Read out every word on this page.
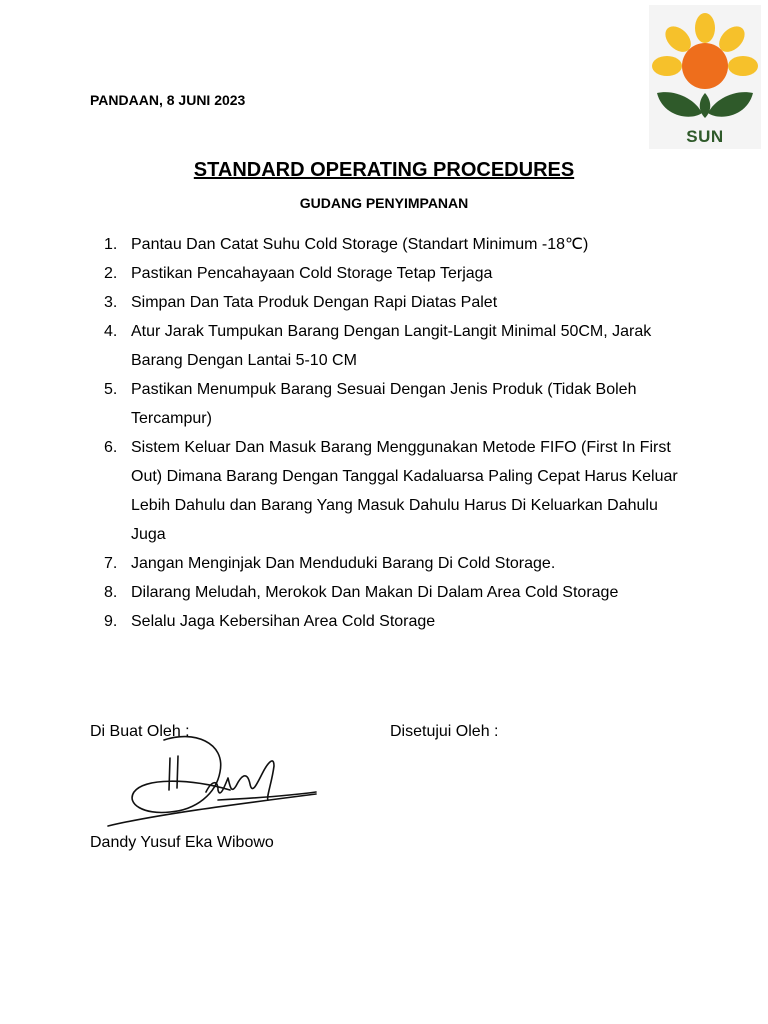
SUN
PANDAAN, 8 JUNI 2023
STANDARD OPERATING PROCEDURES
GUDANG PENYIMPANAN
1. Pantau Dan Catat Suhu Cold Storage (Standart Minimum -18℃)
2. Pastikan Pencahayaan Cold Storage Tetap Terjaga
3. Simpan Dan Tata Produk Dengan Rapi Diatas Palet
4. Atur Jarak Tumpukan Barang Dengan Langit-Langit Minimal 50CM, Jarak Barang Dengan Lantai 5-10 CM
5. Pastikan Menumpuk Barang Sesuai Dengan Jenis Produk (Tidak Boleh Tercampur)
6. Sistem Keluar Dan Masuk Barang Menggunakan Metode FIFO (First In First Out) Dimana Barang Dengan Tanggal Kadaluarsa Paling Cepat Harus Keluar Lebih Dahulu dan Barang Yang Masuk Dahulu Harus Di Keluarkan Dahulu Juga
7. Jangan Menginjak Dan Menduduki Barang Di Cold Storage.
8. Dilarang Meludah, Merokok Dan Makan Di Dalam Area Cold Storage
9. Selalu Jaga Kebersihan Area Cold Storage
Di Buat Oleh :	Disetujui Oleh :
Dandy Yusuf Eka Wibowo
